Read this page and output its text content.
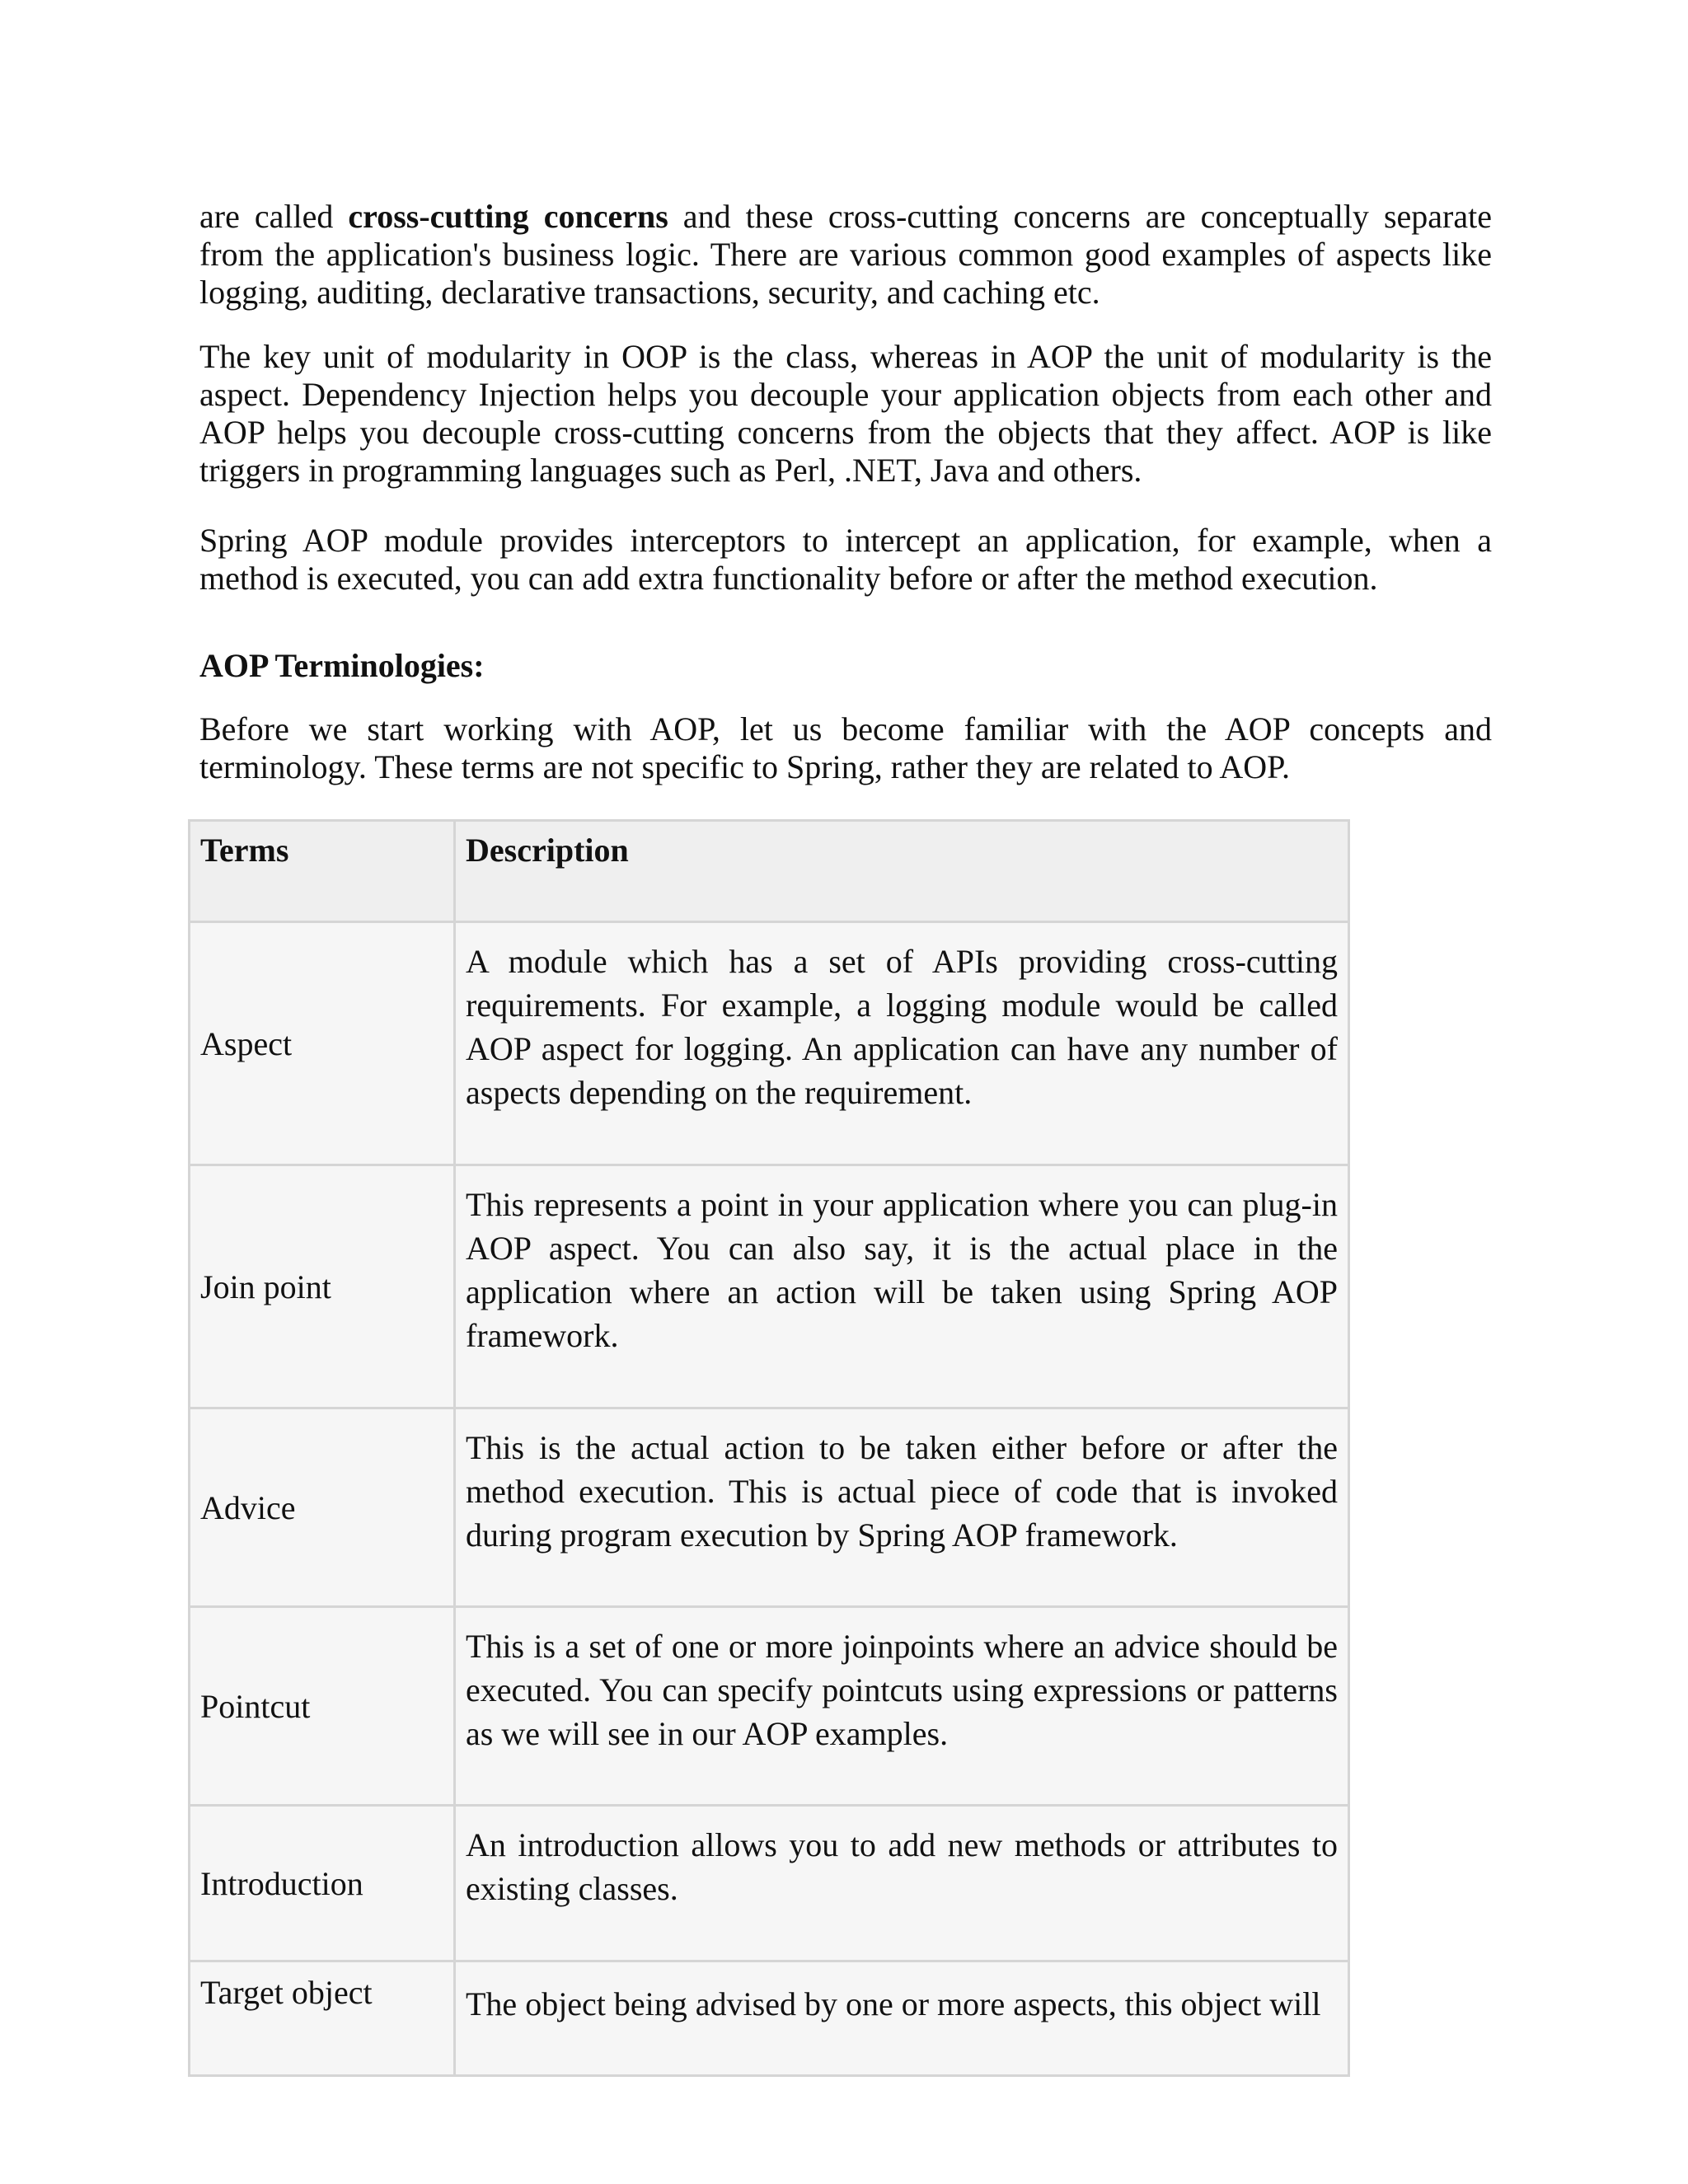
are called cross-cutting concerns and these cross-cutting concerns are conceptually separate from the application's business logic. There are various common good examples of aspects like logging, auditing, declarative transactions, security, and caching etc.

The key unit of modularity in OOP is the class, whereas in AOP the unit of modularity is the aspect. Dependency Injection helps you decouple your application objects from each other and AOP helps you decouple cross-cutting concerns from the objects that they affect. AOP is like triggers in programming languages such as Perl, .NET, Java and others.

Spring AOP module provides interceptors to intercept an application, for example, when a method is executed, you can add extra functionality before or after the method execution.

AOP Terminologies:

Before we start working with AOP, let us become familiar with the AOP concepts and terminology. These terms are not specific to Spring, rather they are related to AOP.

Terms	Description
Aspect	A module which has a set of APIs providing cross-cutting requirements. For example, a logging module would be called AOP aspect for logging. An application can have any number of aspects depending on the requirement.
Join point	This represents a point in your application where you can plug-in AOP aspect. You can also say, it is the actual place in the application where an action will be taken using Spring AOP framework.
Advice	This is the actual action to be taken either before or after the method execution. This is actual piece of code that is invoked during program execution by Spring AOP framework.
Pointcut	This is a set of one or more joinpoints where an advice should be executed. You can specify pointcuts using expressions or patterns as we will see in our AOP examples.
Introduction	An introduction allows you to add new methods or attributes to existing classes.
Target object	The object being advised by one or more aspects, this object will
